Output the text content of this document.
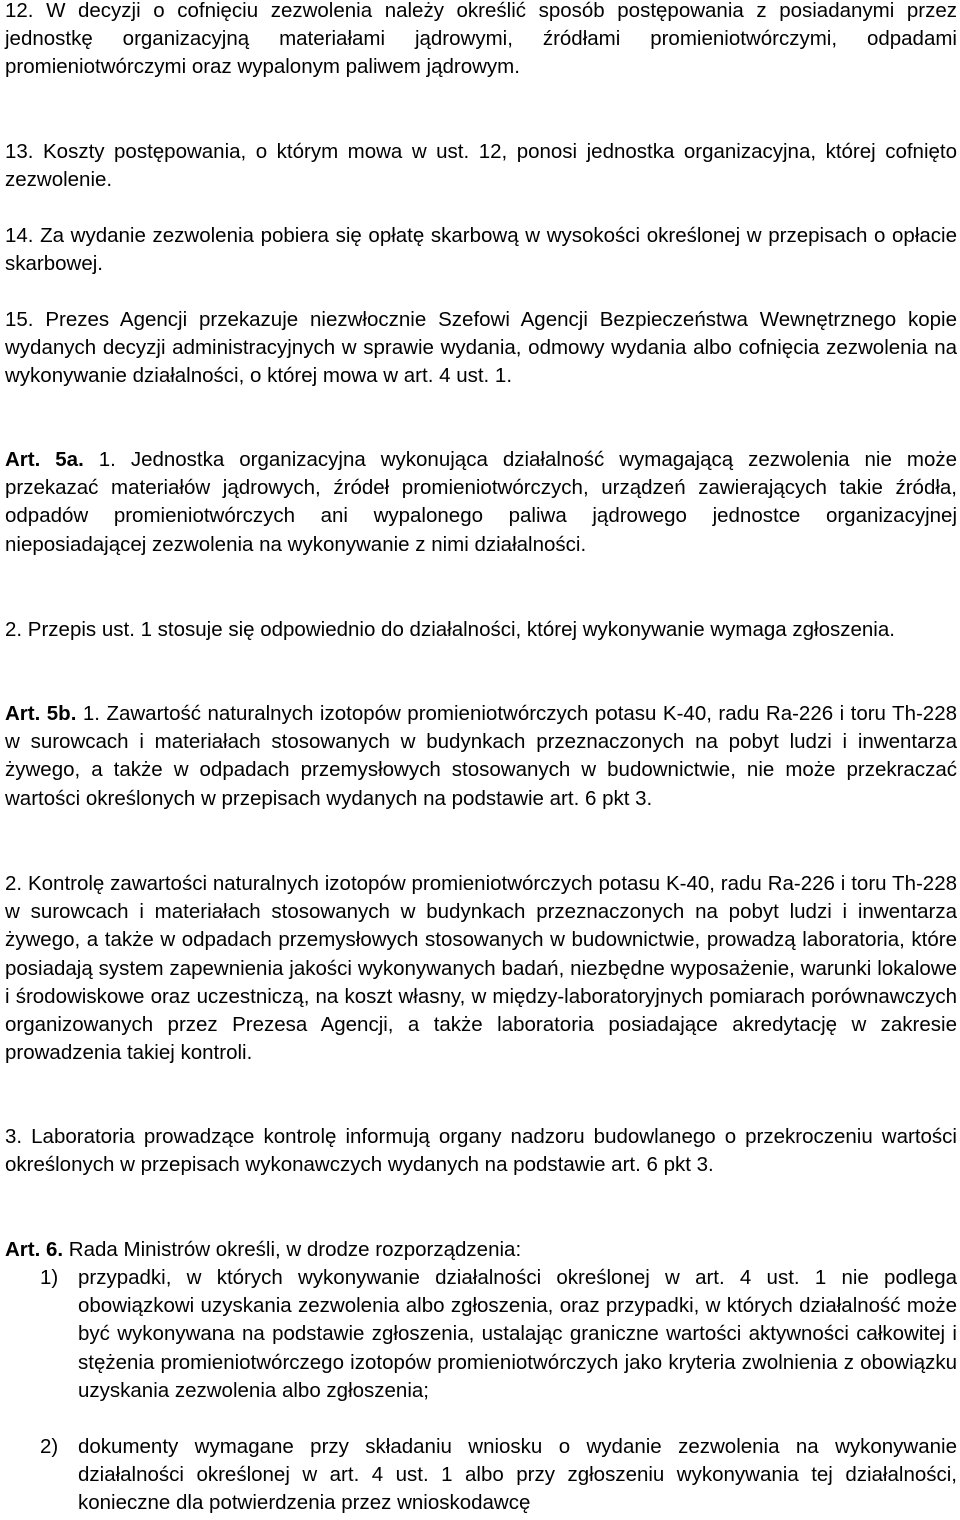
12. W decyzji o cofnięciu zezwolenia należy określić sposób postępowania z posiadanymi przez jednostkę organizacyjną materiałami jądrowymi, źródłami promieniotwórczymi, odpadami promieniotwórczymi oraz wypalonym paliwem jądrowym.

13. Koszty postępowania, o którym mowa w ust. 12, ponosi jednostka organizacyjna, której cofnięto zezwolenie.

14. Za wydanie zezwolenia pobiera się opłatę skarbową w wysokości określonej w przepisach o opłacie skarbowej.

15. Prezes Agencji przekazuje niezwłocznie Szefowi Agencji Bezpieczeństwa Wewnętrznego kopie wydanych decyzji administracyjnych w sprawie wydania, odmowy wydania albo cofnięcia zezwolenia na wykonywanie działalności, o której mowa w art. 4 ust. 1.

Art. 5a. 1. Jednostka organizacyjna wykonująca działalność wymagającą zezwolenia nie może przekazać materiałów jądrowych, źródeł promieniotwórczych, urządzeń zawierających takie źródła, odpadów promieniotwórczych ani wypalonego paliwa jądrowego jednostce organizacyjnej nieposiadającej zezwolenia na wykonywanie z nimi działalności.

2. Przepis ust. 1 stosuje się odpowiednio do działalności, której wykonywanie wymaga zgłoszenia.

Art. 5b. 1. Zawartość naturalnych izotopów promieniotwórczych potasu K-40, radu Ra-226 i toru Th-228 w surowcach i materiałach stosowanych w budynkach przeznaczonych na pobyt ludzi i inwentarza żywego, a także w odpadach przemysłowych stosowanych w budownictwie, nie może przekraczać wartości określonych w przepisach wydanych na podstawie art. 6 pkt 3.

2. Kontrolę zawartości naturalnych izotopów promieniotwórczych potasu K-40, radu Ra-226 i toru Th-228 w surowcach i materiałach stosowanych w budynkach przeznaczonych na pobyt ludzi i inwentarza żywego, a także w odpadach przemysłowych stosowanych w budownictwie, prowadzą laboratoria, które posiadają system zapewnienia jakości wykonywanych badań, niezbędne wyposażenie, warunki lokalowe i środowiskowe oraz uczestniczą, na koszt własny, w między-laboratoryjnych pomiarach porównawczych organizowanych przez Prezesa Agencji, a także laboratoria posiadające akredytację w zakresie prowadzenia takiej kontroli.

3. Laboratoria prowadzące kontrolę informują organy nadzoru budowlanego o przekroczeniu wartości określonych w przepisach wykonawczych wydanych na podstawie art. 6 pkt 3.

Art. 6. Rada Ministrów określi, w drodze rozporządzenia:

1) przypadki, w których wykonywanie działalności określonej w art. 4 ust. 1 nie podlega obowiązkowi uzyskania zezwolenia albo zgłoszenia, oraz przypadki, w których działalność może być wykonywana na podstawie zgłoszenia, ustalając graniczne wartości aktywności całkowitej i stężenia promieniotwórczego izotopów promieniotwórczych jako kryteria zwolnienia z obowiązku uzyskania zezwolenia albo zgłoszenia;
2) dokumenty wymagane przy składaniu wniosku o wydanie zezwolenia na wykonywanie działalności określonej w art. 4 ust. 1 albo przy zgłoszeniu wykonywania tej działalności, konieczne dla potwierdzenia przez wnioskodawcę
